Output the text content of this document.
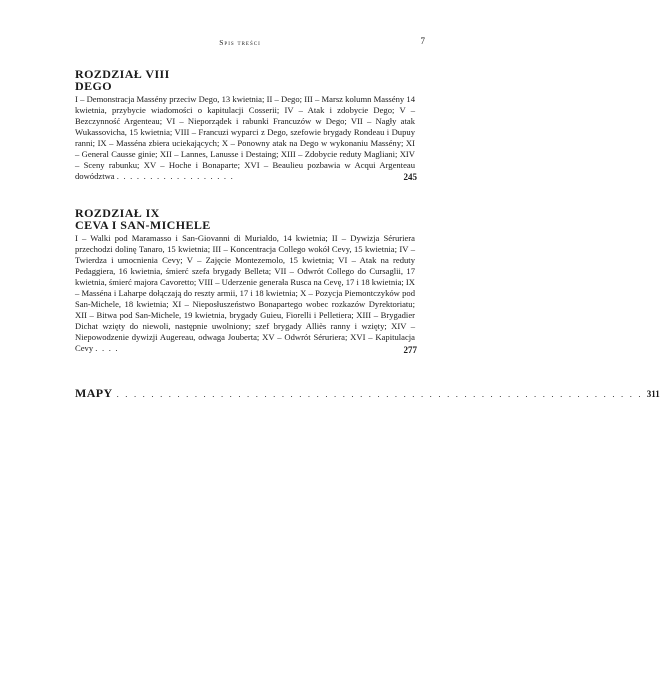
Spis treści	7
ROZDZIAŁ VIII
DEGO

I – Demonstracja Massény przeciw Dego, 13 kwietnia; II – Dego; III – Marsz kolumn Massény 14 kwietnia, przybycie wiadomości o kapitulacji Cosserii; IV – Atak i zdobycie Dego; V – Bezczynność Argenteau; VI – Nieporządek i rabunki Francuzów w Dego; VII – Nagły atak Wukassovicha, 15 kwietnia; VIII – Francuzi wyparci z Dego, szefowie brygady Rondeau i Dupuy ranni; IX – Masséna zbiera uciekających; X – Ponowny atak na Dego w wykonaniu Massény; XI – General Causse ginie; XII – Lannes, Lanusse i Destaing; XIII – Zdobycie reduty Magliani; XIV – Sceny rabunku; XV – Hoche i Bonaparte; XVI – Beaulieu pozbawia w Acqui Argenteau dowództwa . . . . . . . . . . . . . . . . . .	245
ROZDZIAŁ IX
CEVA I SAN-MICHELE

I – Walki pod Maramasso i San-Giovanni di Murialdo, 14 kwietnia; II – Dywizja Sérurierа przechodzi dolinę Tanaro, 15 kwietnia; III – Koncentracja Collego wokół Cevy, 15 kwietnia; IV – Twierdza i umocnienia Cevy; V – Zajęcie Montezemolo, 15 kwietnia; VI – Atak na reduty Pedaggiera, 16 kwietnia, śmierć szefa brygady Belleta; VII – Odwrót Collego do Cursaglii, 17 kwietnia, śmierć majora Cavoretto; VIII – Uderzenie generała Rusca na Cevę, 17 i 18 kwietnia; IX – Masséna i Laharpe dołączają do reszty armii, 17 i 18 kwietnia; X – Pozycja Piemontczyków pod San-Michele, 18 kwietnia; XI – Nieposłuszeństwo Bonapartego wobec rozkazów Dyrektoriatu; XII – Bitwa pod San-Michele, 19 kwietnia, brygady Guieu, Fiorelli i Pelletiera; XIII – Brygadier Dichat wzięty do niewoli, następnie uwolniony; szef brygady Alliès ranny i wzięty; XIV – Niepowodzenie dywizji Augereau, odwaga Jouberta; XV – Odwrót Sérurierа; XVI – Kapitulacja Cevy . . . .	277
MAPY . . . . . . . . . . . . . . . . . . . . . . . . . . . . . . . . . . . . . . . . . . . . . . . . . . . . . . . . . . . . . 311
